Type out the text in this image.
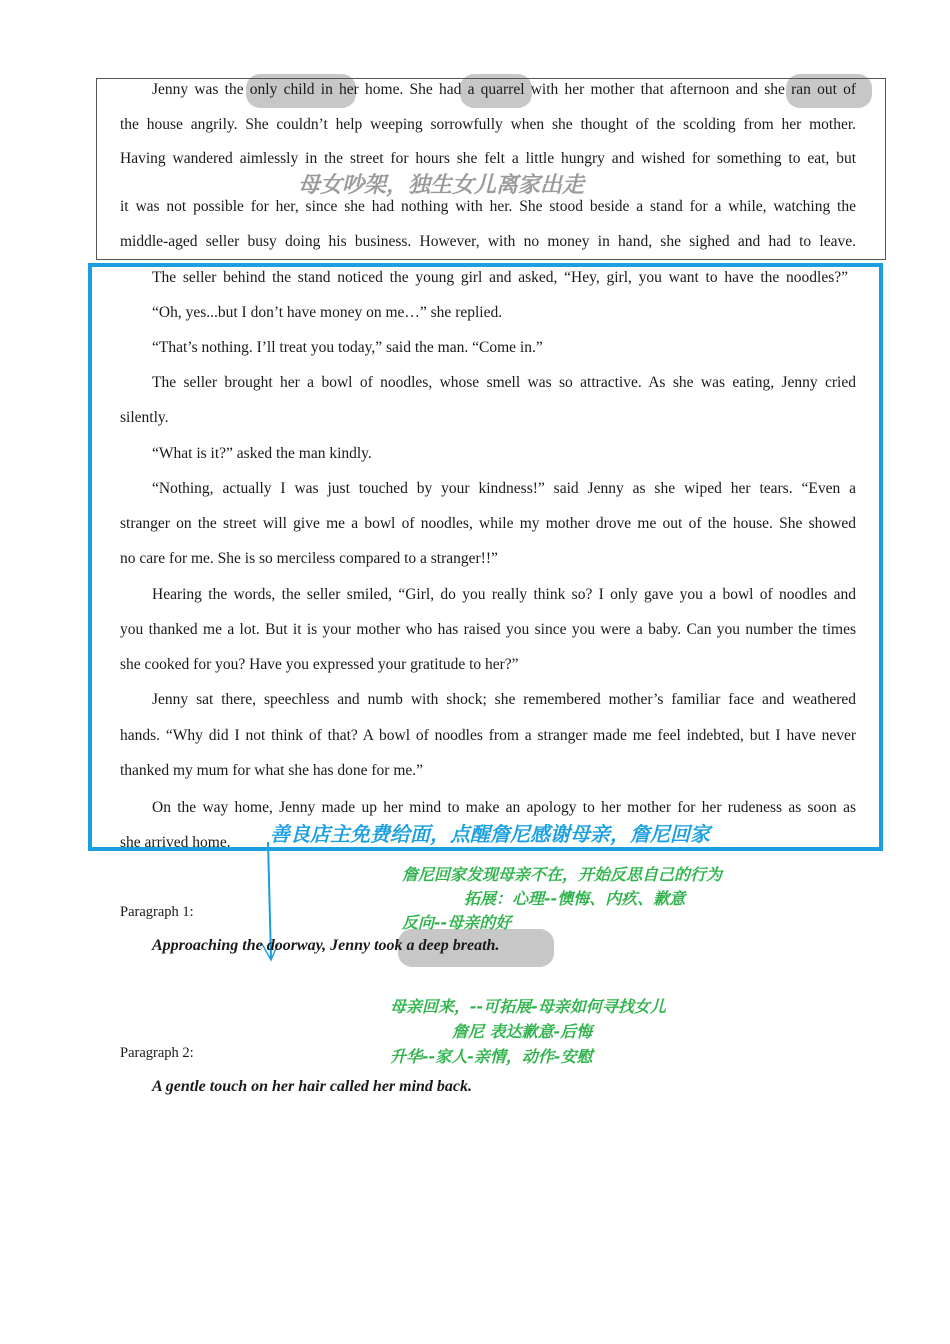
Jenny was the only child in her home. She had a quarrel with her mother that afternoon and she ran out of
the house angrily. She couldn’t help weeping sorrowfully when she thought of the scolding from her mother.
Having wandered aimlessly in the street for hours she felt a little hungry and wished for something to eat, but
it was not possible for her, since she had nothing with her. She stood beside a stand for a while, watching the
middle-aged seller busy doing his business. However, with no money in hand, she sighed and had to leave.
The seller behind the stand noticed the young girl and asked, “Hey, girl, you want to have the noodles?”
“Oh, yes...but I don’t have money on me…” she replied.
“That’s nothing. I’ll treat you today,” said the man. “Come in.”
The seller brought her a bowl of noodles, whose smell was so attractive. As she was eating, Jenny cried
silently.
“What is it?” asked the man kindly.
“Nothing, actually I was just touched by your kindness!” said Jenny as she wiped her tears. “Even a
stranger on the street will give me a bowl of noodles, while my mother drove me out of the house. She showed
no care for me. She is so merciless compared to a stranger!!”
Hearing the words, the seller smiled, “Girl, do you really think so? I only gave you a bowl of noodles and
you thanked me a lot. But it is your mother who has raised you since you were a baby. Can you number the times
she cooked for you? Have you expressed your gratitude to her?”
Jenny sat there, speechless and numb with shock; she remembered mother’s familiar face and weathered
hands. “Why did I not think of that? A bowl of noodles from a stranger made me feel indebted, but I have never
thanked my mum for what she has done for me.”
On the way home, Jenny made up her mind to make an apology to her mother for her rudeness as soon as
she arrived home.
母女吵架，独生女儿离家出走
善良店主免费给面，点醒詹尼感谢母亲，詹尼回家
詹尼回家发现母亲不在，开始反思自己的行为
拓展：心理--懊悔、内疚、歉意
反向--母亲的好
母亲回来，--可拓展-母亲如何寻找女儿
詹尼 表达歉意-后悔
升华--家人-亲情，动作-安慰
Paragraph 1:
Approaching the doorway, Jenny took a deep breath.
Paragraph 2:
A gentle touch on her hair called her mind back.
